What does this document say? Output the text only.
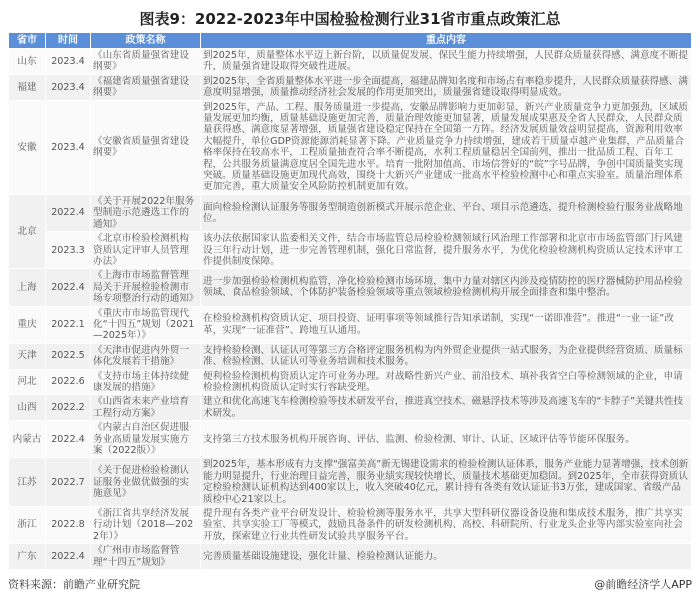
图表9：2022-2023年中国检验检测行业31省市重点政策汇总
省市	时间	政策名称	重点内容
山东	2023.4	《山东省质量强省建设纲要》	到2025年，质量整体水平迈上新台阶，以质量促发展、保民生能力持续增强，人民群众质量获得感、满意度不断提升，质量强省建设取得突破性进展。
福建	2023.4	《福建省质量强省建设纲要》	到2025年，全省质量整体水平进一步全面提高，福建品牌知名度和市场占有率稳步提升，人民群众质量获得感、满意度明显增强，质量推动经济社会发展的作用更加突出，质量强省建设取得明显成效。
安徽	2023.4	《安徽省质量强省建设纲要》	到2025年，产品、工程、服务质量进一步提高，安徽品牌影响力更加彰显，新兴产业质量竞争力更加强劲，区域质量发展更加均衡，质量基础设施更加完善，质量治理效能更加显著，质量发展成果惠及全省人民群众，人民群众质量获得感、满意度显著增强，质量强省建设稳定保持在全国第一方阵。经济发展质量效益明显提高，资源利用效率大幅提升，单位GDP资源能源消耗显著下降。产业质量竞争力持续增强，建成若干质量卓越产业集群，产品质量合格率保持在较高水平，工程质量抽查符合率不断提高，水利工程质量稳居全国前列，推出一批品质工程、百年工程，公共服务质量满意度居全国先进水平。培育一批附加值高、市场信誉好的“皖”字号品牌，争创中国质量奖实现突破。质量基础设施更加现代高效，围绕十大新兴产业建成一批高水平检验检测中心和重点实验室。质量治理体系更加完善，重大质量安全风险防控机制更加有效。
北京	2022.4	《关于开展2022年服务型制造示范遴选工作的通知》	面向检验检测认证服务等服务型制造创新模式开展示范企业、平台、项目示范遴选，提升检测检验行服务业战略地位。
	2023.3	《北京市检验检测机构资质认定评审人员管理办法》	该办法依据国家认监委相关文件，结合市场监管总局检验检测领域行风治理工作部署和北京市市场监管部门行风建设三年行动计划，进一步完善管理机制，强化日常监督，提升服务水平，为优化检验检测机构资质认定技术评审工作提供制度保障。
上海	2022.4	《上海市市场监督管理局关于开展检验检测市场专项整治行动的通知》	进一步加强检验检测机构监管，净化检验检测市场环境，集中力量对辖区内涉及疫情防控的医疗器械防护用品检验领域、食品检验领域、个体防护装备检验领域等重点领域检验检测机构开展全面排查和集中整治。
重庆	2022.1	《重庆市市场监管现代化“十四五”规划（2021—2025年）》	在检验检测机构资质认定、项目投资、证明事项等领域推行告知承诺制，实现“一诺即准营”。推进“一业一证”改革，实现“一证准营”、跨地互认通用。
天津	2022.5	《天津市促进内外贸一体化发展若干措施》	支持检验检测、认证认可等第三方合格评定服务机构为内外贸企业提供一站式服务，为企业提供经营资质、质量标准、检验检测、认证认可等业务培训和技术服务。
河北	2022.6	《支持市场主体持续健康发展的措施》	便利检验检测机构资质认定许可业务办理。对战略性新兴产业、前沿技术、填补我省空白等检测领域的企业，申请检验检测机构资质认定时实行容缺受理。
山西	2022.2	《山西省未来产业培育工程行动方案》	建立和优化高速飞车检测检验等技术研发平台，推进真空技术、磁悬浮技术等涉及高速飞车的“卡脖子”关键共性技术研发。
内蒙古	2022.4	《内蒙古自治区促进服务业高质量发展实施方案（2022版）》	支持第三方技术服务机构开展咨询、评估、监测、检验检测、审计、认证、区域评估等节能环保服务。
江苏	2022.7	《关于促进检验检测认证服务业做优做强的实施意见》	到2025年，基本形成有力支撑“强富美高”新无锡建设需求的检验检测认证体系，服务产业能力显著增强，技术创新能力明显提升，行业治理日益完善，服务业绩实现较快增长，质量技术基础更加稳固。到2025年，全市获得资质认定检验检测认证机构达到400家以上，收入突破40亿元，累计持有各类有效认证证书3万张，建成国家、省级产品质检中心21家以上。
浙江	2022.8	《浙江省共享经济发展行动计划（2018—2022年）》	提升现有各类产业平台研发设计、检验检测等服务水平，共享大型科研仪器设备设施和集成技术服务，推广共享实验室、共享实验工厂等模式，鼓励具备条件的研发检测机构、高校、科研院所、行业龙头企业等内部实验室向社会开放，探索建立行业共性研发试验共享服务平台。
广东	2022.4	《广州市市场监督管理“十四五”规划》	完善质量基础设施建设，强化计量、检验检测认证能力。
资料来源：前瞻产业研究院	@前瞻经济学人APP
